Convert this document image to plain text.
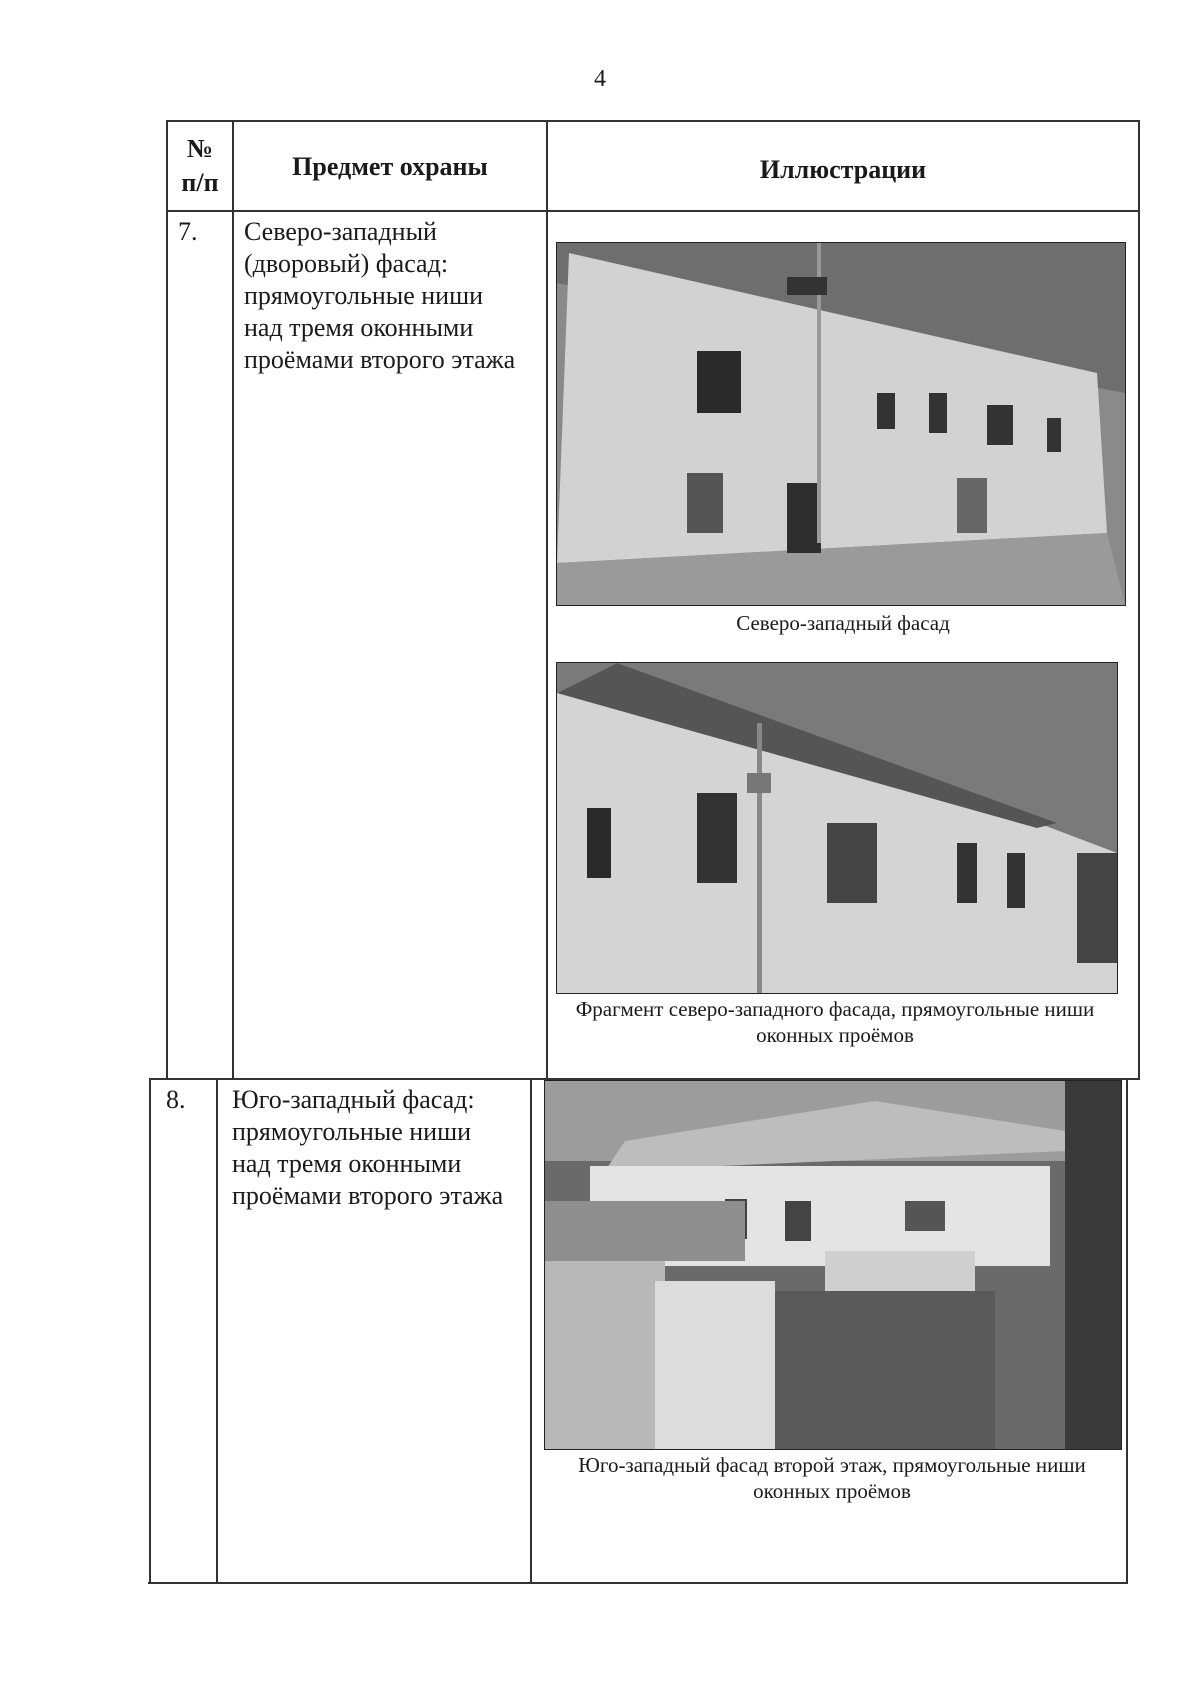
4
№
п/п
Предмет охраны	Иллюстрации
7. Северо-западный (дворовый) фасад: прямоугольные ниши над тремя оконными проёмами второго этажа
Северо-западный фасад
Фрагмент северо-западного фасада, прямоугольные ниши оконных проёмов
8. Юго-западный фасад: прямоугольные ниши над тремя оконными проёмами второго этажа
Юго-западный фасад второй этаж, прямоугольные ниши оконных проёмов
